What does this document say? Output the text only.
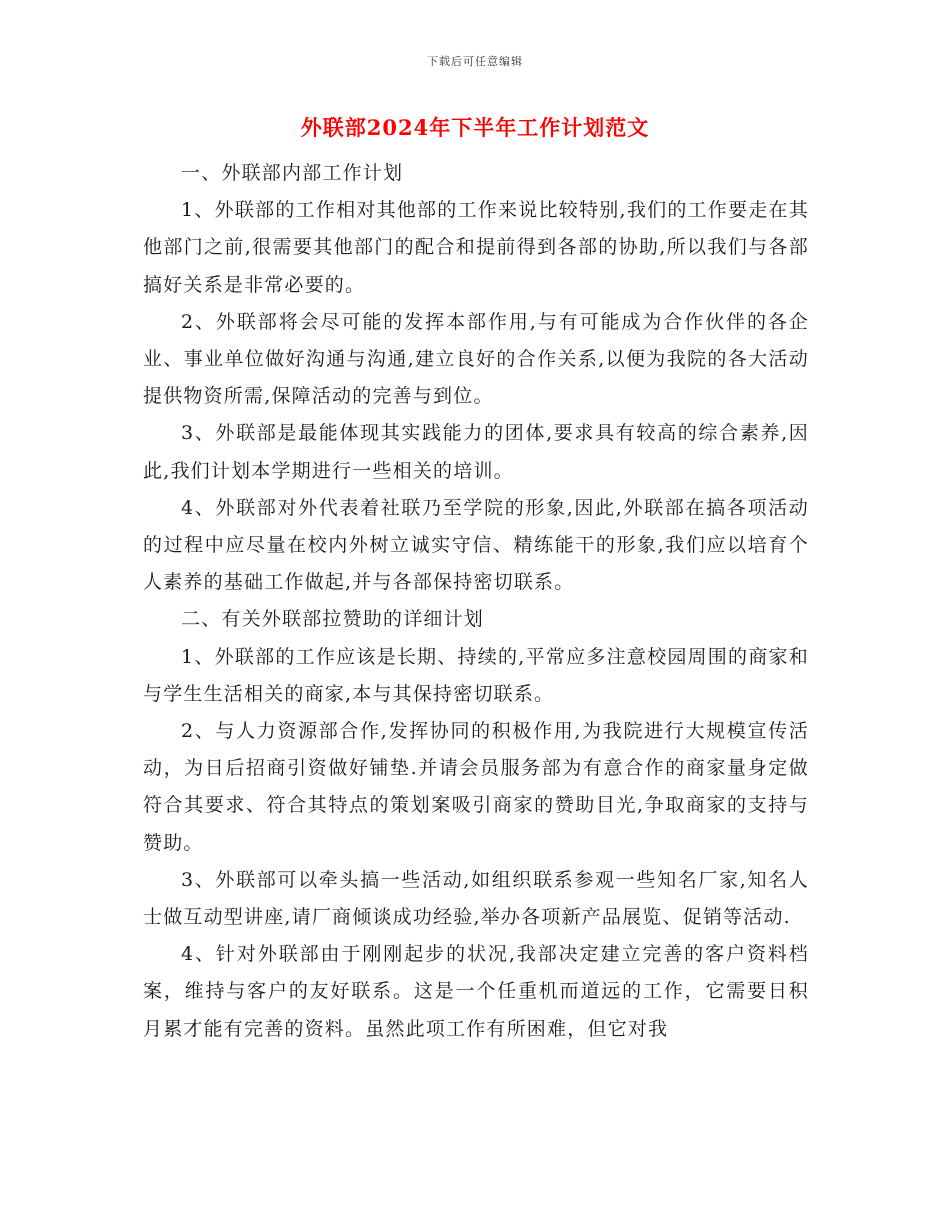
下载后可任意编辑
外联部2024年下半年工作计划范文

一、外联部内部工作计划

1、外联部的工作相对其他部的工作来说比较特别,我们的工作要走在其他部门之前,很需要其他部门的配合和提前得到各部的协助,所以我们与各部搞好关系是非常必要的。

2、外联部将会尽可能的发挥本部作用,与有可能成为合作伙伴的各企业、事业单位做好沟通与沟通,建立良好的合作关系,以便为我院的各大活动提供物资所需,保障活动的完善与到位。

3、外联部是最能体现其实践能力的团体,要求具有较高的综合素养,因此,我们计划本学期进行一些相关的培训。

4、外联部对外代表着社联乃至学院的形象,因此,外联部在搞各项活动的过程中应尽量在校内外树立诚实守信、精练能干的形象,我们应以培育个人素养的基础工作做起,并与各部保持密切联系。

二、有关外联部拉赞助的详细计划

1、外联部的工作应该是长期、持续的,平常应多注意校园周围的商家和与学生生活相关的商家,本与其保持密切联系。

2、与人力资源部合作,发挥协同的积极作用,为我院进行大规模宣传活动，为日后招商引资做好铺垫.并请会员服务部为有意合作的商家量身定做符合其要求、符合其特点的策划案吸引商家的赞助目光,争取商家的支持与赞助。

3、外联部可以牵头搞一些活动,如组织联系参观一些知名厂家,知名人士做互动型讲座,请厂商倾谈成功经验,举办各项新产品展览、促销等活动.

4、针对外联部由于刚刚起步的状况,我部决定建立完善的客户资料档案，维持与客户的友好联系。这是一个任重机而道远的工作，它需要日积月累才能有完善的资料。虽然此项工作有所困难，但它对我
